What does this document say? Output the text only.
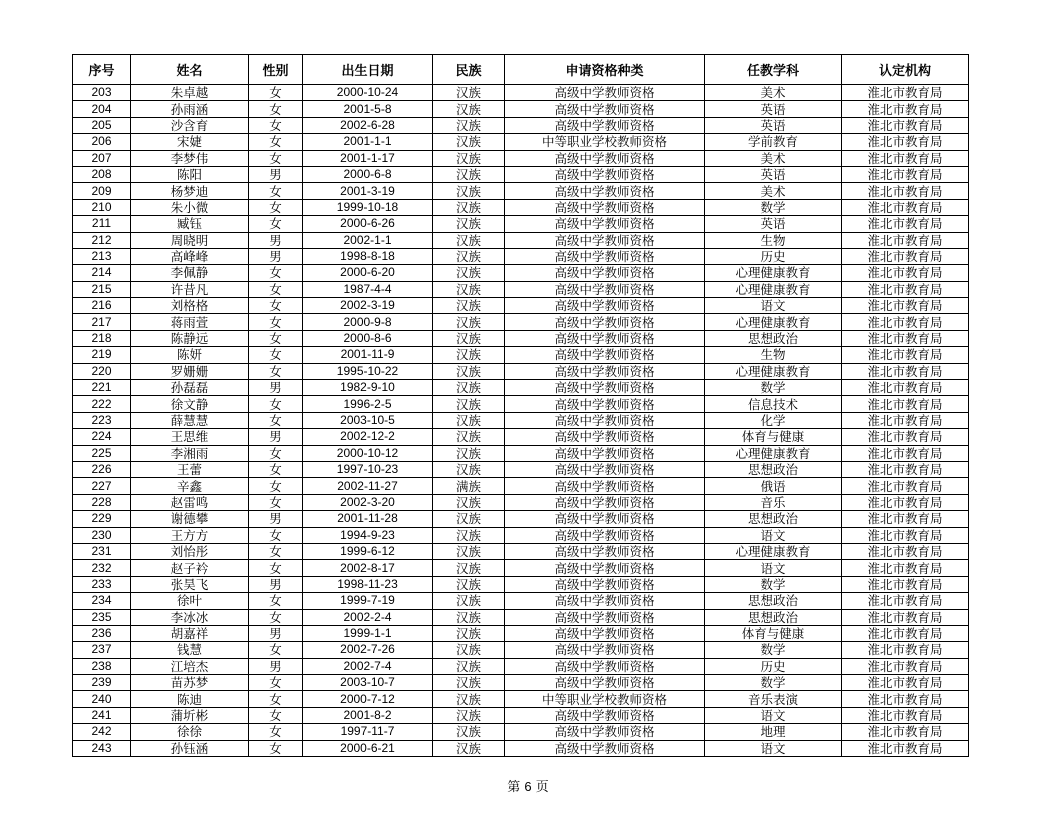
序号	姓名	性别	出生日期	民族	申请资格种类	任教学科	认定机构
203	朱卓越	女	2000-10-24	汉族	高级中学教师资格	美术	淮北市教育局
204	孙雨涵	女	2001-5-8	汉族	高级中学教师资格	英语	淮北市教育局
205	沙含育	女	2002-6-28	汉族	高级中学教师资格	英语	淮北市教育局
206	宋婕	女	2001-1-1	汉族	中等职业学校教师资格	学前教育	淮北市教育局
207	李梦伟	女	2001-1-17	汉族	高级中学教师资格	美术	淮北市教育局
208	陈阳	男	2000-6-8	汉族	高级中学教师资格	英语	淮北市教育局
209	杨梦迪	女	2001-3-19	汉族	高级中学教师资格	美术	淮北市教育局
210	朱小微	女	1999-10-18	汉族	高级中学教师资格	数学	淮北市教育局
211	臧钰	女	2000-6-26	汉族	高级中学教师资格	英语	淮北市教育局
212	周晓明	男	2002-1-1	汉族	高级中学教师资格	生物	淮北市教育局
213	高峰峰	男	1998-8-18	汉族	高级中学教师资格	历史	淮北市教育局
214	李佩静	女	2000-6-20	汉族	高级中学教师资格	心理健康教育	淮北市教育局
215	许昔凡	女	1987-4-4	汉族	高级中学教师资格	心理健康教育	淮北市教育局
216	刘格格	女	2002-3-19	汉族	高级中学教师资格	语文	淮北市教育局
217	蒋雨萱	女	2000-9-8	汉族	高级中学教师资格	心理健康教育	淮北市教育局
218	陈静远	女	2000-8-6	汉族	高级中学教师资格	思想政治	淮北市教育局
219	陈妍	女	2001-11-9	汉族	高级中学教师资格	生物	淮北市教育局
220	罗姗姗	女	1995-10-22	汉族	高级中学教师资格	心理健康教育	淮北市教育局
221	孙磊磊	男	1982-9-10	汉族	高级中学教师资格	数学	淮北市教育局
222	徐文静	女	1996-2-5	汉族	高级中学教师资格	信息技术	淮北市教育局
223	薛慧慧	女	2003-10-5	汉族	高级中学教师资格	化学	淮北市教育局
224	王思维	男	2002-12-2	汉族	高级中学教师资格	体育与健康	淮北市教育局
225	李湘雨	女	2000-10-12	汉族	高级中学教师资格	心理健康教育	淮北市教育局
226	王蕾	女	1997-10-23	汉族	高级中学教师资格	思想政治	淮北市教育局
227	辛鑫	女	2002-11-27	满族	高级中学教师资格	俄语	淮北市教育局
228	赵雷鸣	女	2002-3-20	汉族	高级中学教师资格	音乐	淮北市教育局
229	谢德攀	男	2001-11-28	汉族	高级中学教师资格	思想政治	淮北市教育局
230	王方方	女	1994-9-23	汉族	高级中学教师资格	语文	淮北市教育局
231	刘怡彤	女	1999-6-12	汉族	高级中学教师资格	心理健康教育	淮北市教育局
232	赵子衿	女	2002-8-17	汉族	高级中学教师资格	语文	淮北市教育局
233	张昊飞	男	1998-11-23	汉族	高级中学教师资格	数学	淮北市教育局
234	徐叶	女	1999-7-19	汉族	高级中学教师资格	思想政治	淮北市教育局
235	李冰冰	女	2002-2-4	汉族	高级中学教师资格	思想政治	淮北市教育局
236	胡嘉祥	男	1999-1-1	汉族	高级中学教师资格	体育与健康	淮北市教育局
237	钱慧	女	2002-7-26	汉族	高级中学教师资格	数学	淮北市教育局
238	江培杰	男	2002-7-4	汉族	高级中学教师资格	历史	淮北市教育局
239	苗苏梦	女	2003-10-7	汉族	高级中学教师资格	数学	淮北市教育局
240	陈迪	女	2000-7-12	汉族	中等职业学校教师资格	音乐表演	淮北市教育局
241	蒲圻彬	女	2001-8-2	汉族	高级中学教师资格	语文	淮北市教育局
242	徐徐	女	1997-11-7	汉族	高级中学教师资格	地理	淮北市教育局
243	孙钰涵	女	2000-6-21	汉族	高级中学教师资格	语文	淮北市教育局
第 6 页
